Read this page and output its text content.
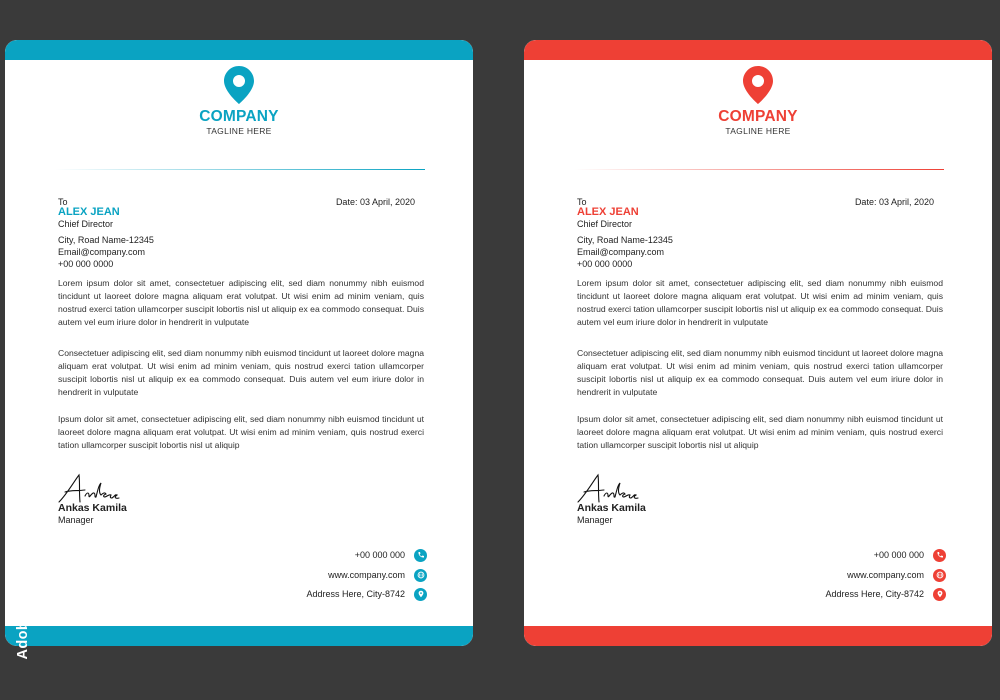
COMPANY
TAGLINE HERE
To	Date: 03 April, 2020
ALEX JEAN
Chief Director
City, Road Name-12345
Email@company.com
+00 000 0000

Lorem ipsum dolor sit amet, consectetuer adipiscing elit, sed diam nonummy nibh euismod tincidunt ut laoreet dolore magna aliquam erat volutpat. Ut wisi enim ad minim veniam, quis nostrud exerci tation ullamcorper suscipit lobortis nisl ut aliquip ex ea commodo consequat. Duis autem vel eum iriure dolor in hendrerit in vulputate

Consectetuer adipiscing elit, sed diam nonummy nibh euismod tincidunt ut laoreet dolore magna aliquam erat volutpat. Ut wisi enim ad minim veniam, quis nostrud exerci tation ullamcorper suscipit lobortis nisl ut aliquip ex ea commodo consequat. Duis autem vel eum iriure dolor in hendrerit in vulputate

Ipsum dolor sit amet, consectetuer adipiscing elit, sed diam nonummy nibh euismod tincidunt ut laoreet dolore magna aliquam erat volutpat. Ut wisi enim ad minim veniam, quis nostrud exerci tation ullamcorper suscipit lobortis nisl ut aliquip

Ankas Kamila
Manager
+00 000 000
www.company.com
Address Here, City-8742
COMPANY
TAGLINE HERE
To	Date: 03 April, 2020
ALEX JEAN
Chief Director
City, Road Name-12345
Email@company.com
+00 000 0000

Lorem ipsum dolor sit amet, consectetuer adipiscing elit, sed diam nonummy nibh euismod tincidunt ut laoreet dolore magna aliquam erat volutpat. Ut wisi enim ad minim veniam, quis nostrud exerci tation ullamcorper suscipit lobortis nisl ut aliquip ex ea commodo consequat. Duis autem vel eum iriure dolor in hendrerit in vulputate

Consectetuer adipiscing elit, sed diam nonummy nibh euismod tincidunt ut laoreet dolore magna aliquam erat volutpat. Ut wisi enim ad minim veniam, quis nostrud exerci tation ullamcorper suscipit lobortis nisl ut aliquip ex ea commodo consequat. Duis autem vel eum iriure dolor in hendrerit in vulputate

Ipsum dolor sit amet, consectetuer adipiscing elit, sed diam nonummy nibh euismod tincidunt ut laoreet dolore magna aliquam erat volutpat. Ut wisi enim ad minim veniam, quis nostrud exerci tation ullamcorper suscipit lobortis nisl ut aliquip

Ankas Kamila
Manager
+00 000 000
www.company.com
Address Here, City-8742
Adobe Stock | #136356479
